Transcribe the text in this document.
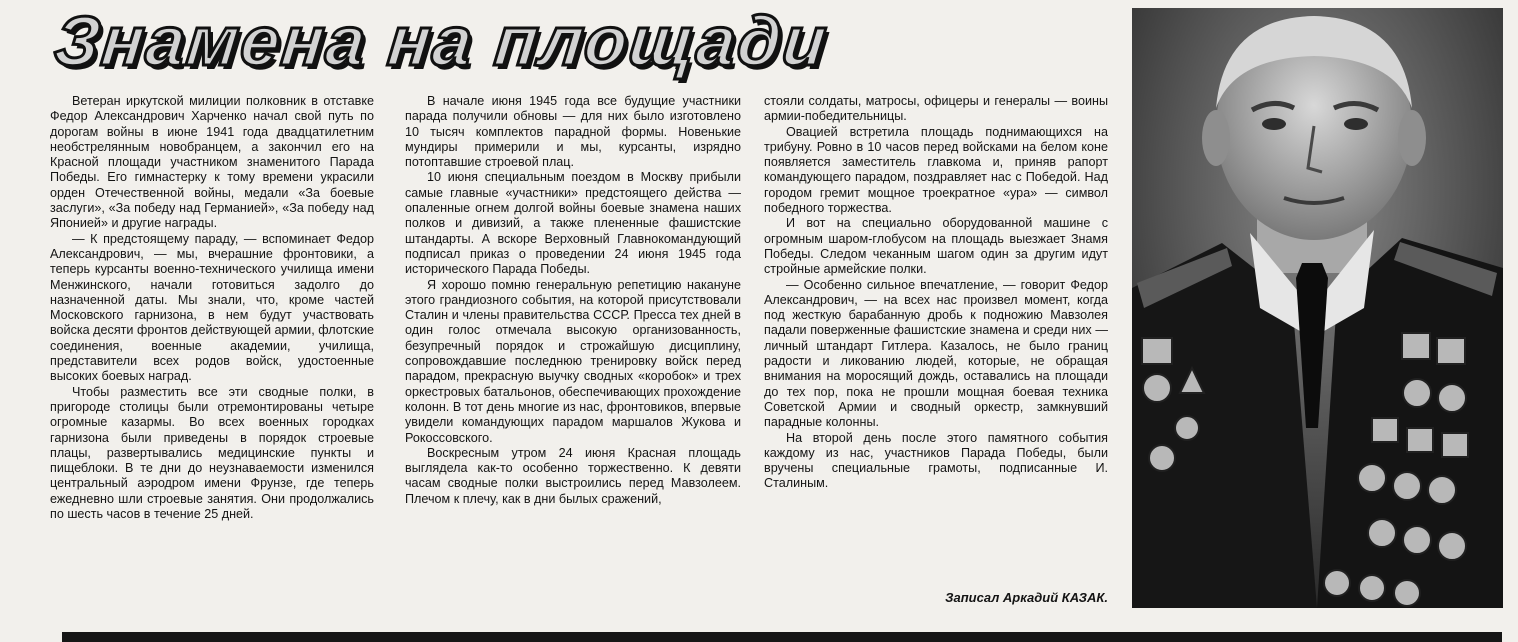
Знамена на площади

Ветеран иркутской милиции полковник в отставке Федор Александрович Харченко начал свой путь по дорогам войны в июне 1941 года двадцатилетним необстрелянным новобранцем, а закончил его на Красной площади участником знаменитого Парада Победы. Его гимнастерку к тому времени украсили орден Отечественной войны, медали «За боевые заслуги», «За победу над Германией», «За победу над Японией» и другие награды.

— К предстоящему параду, — вспоминает Федор Александрович, — мы, вчерашние фронтовики, а теперь курсанты военно-технического училища имени Менжинского, начали готовиться задолго до назначенной даты. Мы знали, что, кроме частей Московского гарнизона, в нем будут участвовать войска десяти фронтов действующей армии, флотские соединения, военные академии, училища, представители всех родов войск, удостоенные высоких боевых наград.

Чтобы разместить все эти сводные полки, в пригороде столицы были отремонтированы четыре огромные казармы. Во всех военных городках гарнизона были приведены в порядок строевые плацы, развертывались медицинские пункты и пищеблоки. В те дни до неузнаваемости изменился центральный аэродром имени Фрунзе, где теперь ежедневно шли строевые занятия. Они продолжались по шесть часов в течение 25 дней.

В начале июня 1945 года все будущие участники парада получили обновы — для них было изготовлено 10 тысяч комплектов парадной формы. Новенькие мундиры примерили и мы, курсанты, изрядно потоптавшие строевой плац.

10 июня специальным поездом в Москву прибыли самые главные «участники» предстоящего действа — опаленные огнем долгой войны боевые знамена наших полков и дивизий, а также плененные фашистские штандарты. А вскоре Верховный Главнокомандующий подписал приказ о проведении 24 июня 1945 года исторического Парада Победы.

Я хорошо помню генеральную репетицию накануне этого грандиозного события, на которой присутствовали Сталин и члены правительства СССР. Пресса тех дней в один голос отмечала высокую организованность, безупречный порядок и строжайшую дисциплину, сопровождавшие последнюю тренировку войск перед парадом, прекрасную выучку сводных «коробок» и трех оркестровых батальонов, обеспечивающих прохождение колонн. В тот день многие из нас, фронтовиков, впервые увидели командующих парадом маршалов Жукова и Рокоссовского.

Воскресным утром 24 июня Красная площадь выглядела как-то особенно торжественно. К девяти часам сводные полки выстроились перед Мавзолеем. Плечом к плечу, как в дни былых сражений,

стояли солдаты, матросы, офицеры и генералы — воины армии-победительницы.

Овацией встретила площадь поднимающихся на трибуну. Ровно в 10 часов перед войсками на белом коне появляется заместитель главкома и, приняв рапорт командующего парадом, поздравляет нас с Победой. Над городом гремит мощное троекратное «ура» — символ победного торжества.

И вот на специально оборудованной машине с огромным шаром-глобусом на площадь выезжает Знамя Победы. Следом чеканным шагом один за другим идут стройные армейские полки.

— Особенно сильное впечатление, — говорит Федор Александрович, — на всех нас произвел момент, когда под жесткую барабанную дробь к подножию Мавзолея падали поверженные фашистские знамена и среди них — личный штандарт Гитлера. Казалось, не было границ радости и ликованию людей, которые, не обращая внимания на моросящий дождь, оставались на площади до тех пор, пока не прошли мощная боевая техника Советской Армии и сводный оркестр, замкнувший парадные колонны.

На второй день после этого памятного события каждому из нас, участников Парада Победы, были вручены специальные грамоты, подписанные И. Сталиным.

Записал Аркадий КАЗАК.
